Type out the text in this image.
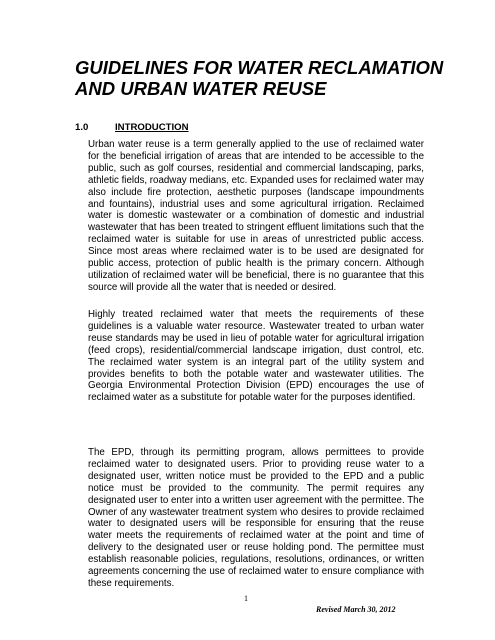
GUIDELINES FOR WATER RECLAMATION AND URBAN WATER REUSE
1.0	INTRODUCTION

Urban water reuse is a term generally applied to the use of reclaimed water for the beneficial irrigation of areas that are intended to be accessible to the public, such as golf courses, residential and commercial landscaping, parks, athletic fields, roadway medians, etc. Expanded uses for reclaimed water may also include fire protection, aesthetic purposes (landscape impoundments and fountains), industrial uses and some agricultural irrigation. Reclaimed water is domestic wastewater or a combination of domestic and industrial wastewater that has been treated to stringent effluent limitations such that the reclaimed water is suitable for use in areas of unrestricted public access. Since most areas where reclaimed water is to be used are designated for public access, protection of public health is the primary concern. Although utilization of reclaimed water will be beneficial, there is no guarantee that this source will provide all the water that is needed or desired.

Highly treated reclaimed water that meets the requirements of these guidelines is a valuable water resource. Wastewater treated to urban water reuse standards may be used in lieu of potable water for agricultural irrigation (feed crops), residential/commercial landscape irrigation, dust control, etc. The reclaimed water system is an integral part of the utility system and provides benefits to both the potable water and wastewater utilities. The Georgia Environmental Protection Division (EPD) encourages the use of reclaimed water as a substitute for potable water for the purposes identified.

The EPD, through its permitting program, allows permittees to provide reclaimed water to designated users. Prior to providing reuse water to a designated user, written notice must be provided to the EPD and a public notice must be provided to the community. The permit requires any designated user to enter into a written user agreement with the permittee. The Owner of any wastewater treatment system who desires to provide reclaimed water to designated users will be responsible for ensuring that the reuse water meets the requirements of reclaimed water at the point and time of delivery to the designated user or reuse holding pond. The permittee must establish reasonable policies, regulations, resolutions, ordinances, or written agreements concerning the use of reclaimed water to ensure compliance with these requirements.

1
Revised March 30, 2012
